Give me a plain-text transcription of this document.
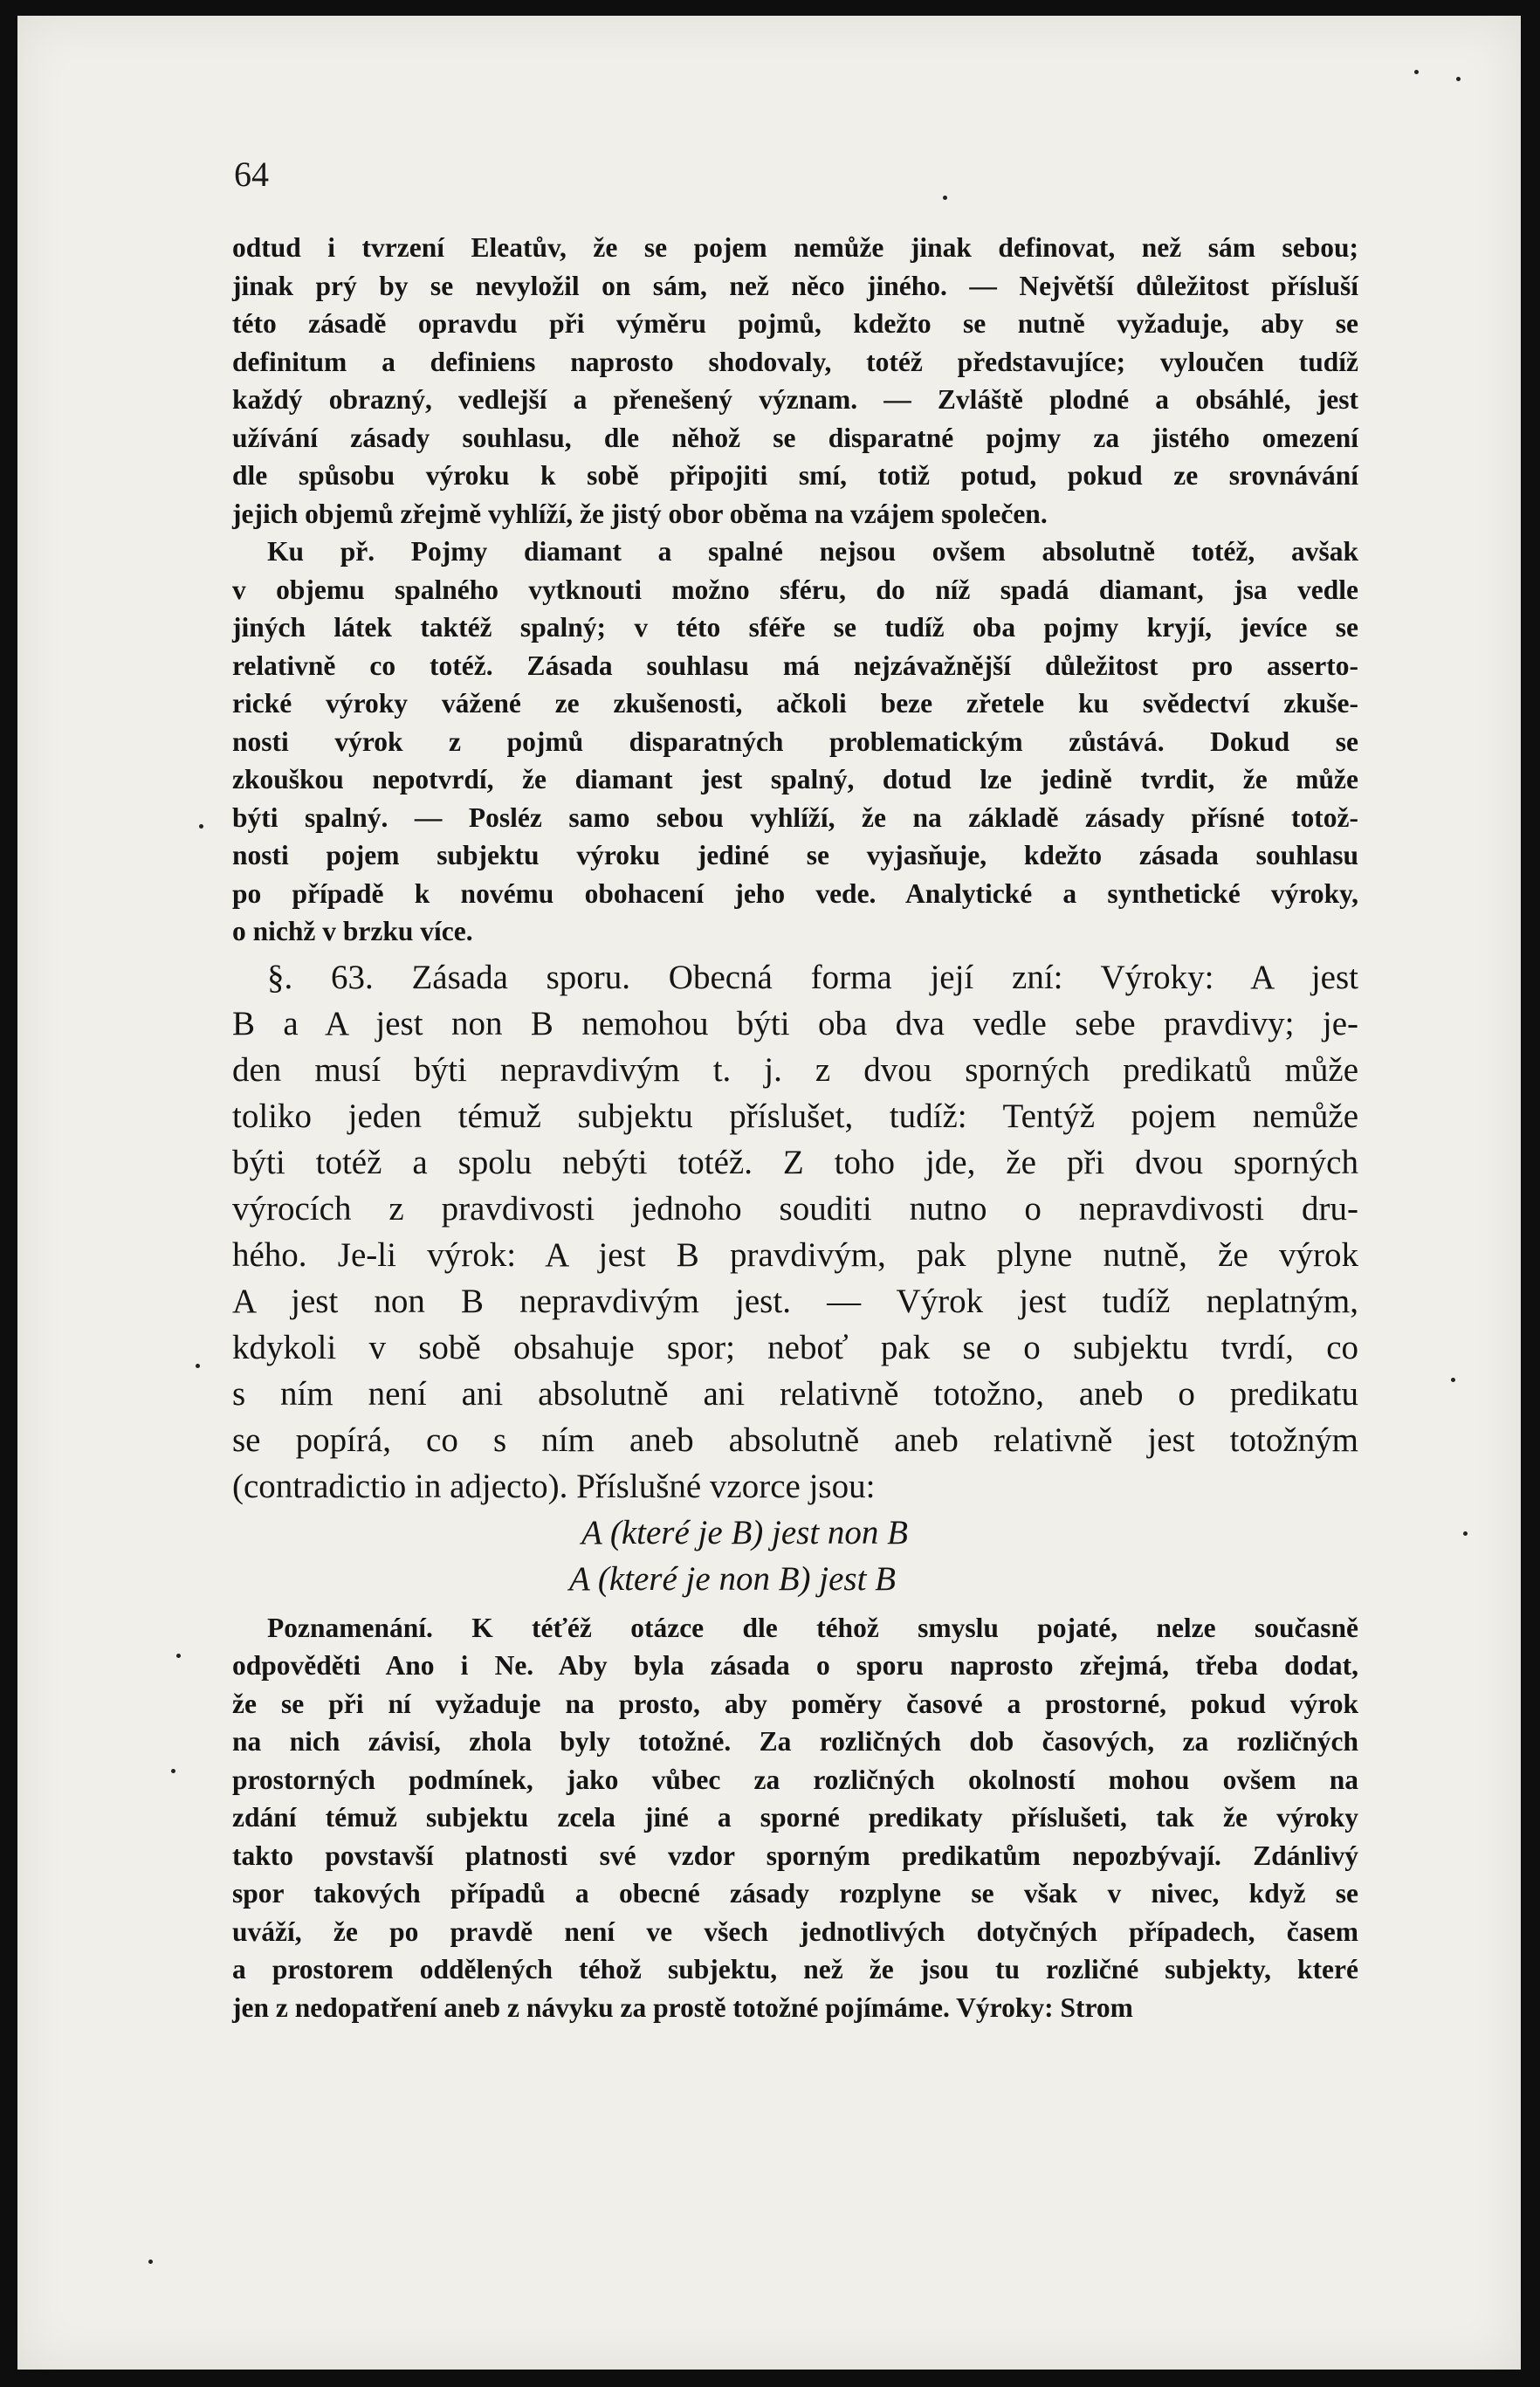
64

odtud i tvrzení Eleatův, že se pojem nemůže jinak definovat, než sám sebou;

jinak prý by se nevyložil on sám, než něco jiného. — Největší důležitost přísluší

této zásadě opravdu při výměru pojmů, kdežto se nutně vyžaduje, aby se

definitum a definiens naprosto shodovaly, totéž představujíce; vyloučen tudíž

každý obrazný, vedlejší a přenešený význam. — Zvláště plodné a obsáhlé, jest

užívání zásady souhlasu, dle něhož se disparatné pojmy za jistého omezení

dle spůsobu výroku k sobě připojiti smí, totiž potud, pokud ze srovnávání

jejich objemů zřejmě vyhlíží, že jistý obor oběma na vzájem společen.

Ku př. Pojmy diamant a spalné nejsou ovšem absolutně totéž, avšak

v objemu spalného vytknouti možno sféru, do níž spadá diamant, jsa vedle

jiných látek taktéž spalný; v této sféře se tudíž oba pojmy kryjí, jevíce se

relativně co totéž. Zásada souhlasu má nejzávažnější důležitost pro asserto-

rické výroky vážené ze zkušenosti, ačkoli beze zřetele ku svědectví zkuše-

nosti výrok z pojmů disparatných problematickým zůstává. Dokud se

zkouškou nepotvrdí, že diamant jest spalný, dotud lze jedině tvrdit, že může

býti spalný. — Posléz samo sebou vyhlíží, že na základě zásady přísné totož-

nosti pojem subjektu výroku jediné se vyjasňuje, kdežto zásada souhlasu

po případě k novému obohacení jeho vede. Analytické a synthetické výroky,

o nichž v brzku více.

§. 63. Zásada sporu. Obecná forma její zní: Výroky: A jest

B a A jest non B nemohou býti oba dva vedle sebe pravdivy; je-

den musí býti nepravdivým t. j. z dvou sporných predikatů může

toliko jeden témuž subjektu příslušet, tudíž: Tentýž pojem nemůže

býti totéž a spolu nebýti totéž. Z toho jde, že při dvou sporných

výrocích z pravdivosti jednoho souditi nutno o nepravdivosti dru-

hého. Je-li výrok: A jest B pravdivým, pak plyne nutně, že výrok

A jest non B nepravdivým jest. — Výrok jest tudíž neplatným,

kdykoli v sobě obsahuje spor; neboť pak se o subjektu tvrdí, co

s ním není ani absolutně ani relativně totožno, aneb o predikatu

se popírá, co s ním aneb absolutně aneb relativně jest totožným

(contradictio in adjecto). Příslušné vzorce jsou:

A (které je B) jest non B

A (které je non B) jest B

Poznamenání. K téťéž otázce dle téhož smyslu pojaté, nelze současně

odpověděti Ano i Ne. Aby byla zásada o sporu naprosto zřejmá, třeba dodat,

že se při ní vyžaduje na prosto, aby poměry časové a prostorné, pokud výrok

na nich závisí, zhola byly totožné. Za rozličných dob časových, za rozličných

prostorných podmínek, jako vůbec za rozličných okolností mohou ovšem na

zdání témuž subjektu zcela jiné a sporné predikaty příslušeti, tak že výroky

takto povstavší platnosti své vzdor sporným predikatům nepozbývají. Zdánlivý

spor takových případů a obecné zásady rozplyne se však v nivec, když se

uváží, že po pravdě není ve všech jednotlivých dotyčných případech, časem

a prostorem oddělených téhož subjektu, než že jsou tu rozličné subjekty, které

jen z nedopatření aneb z návyku za prostě totožné pojímáme. Výroky: Strom
